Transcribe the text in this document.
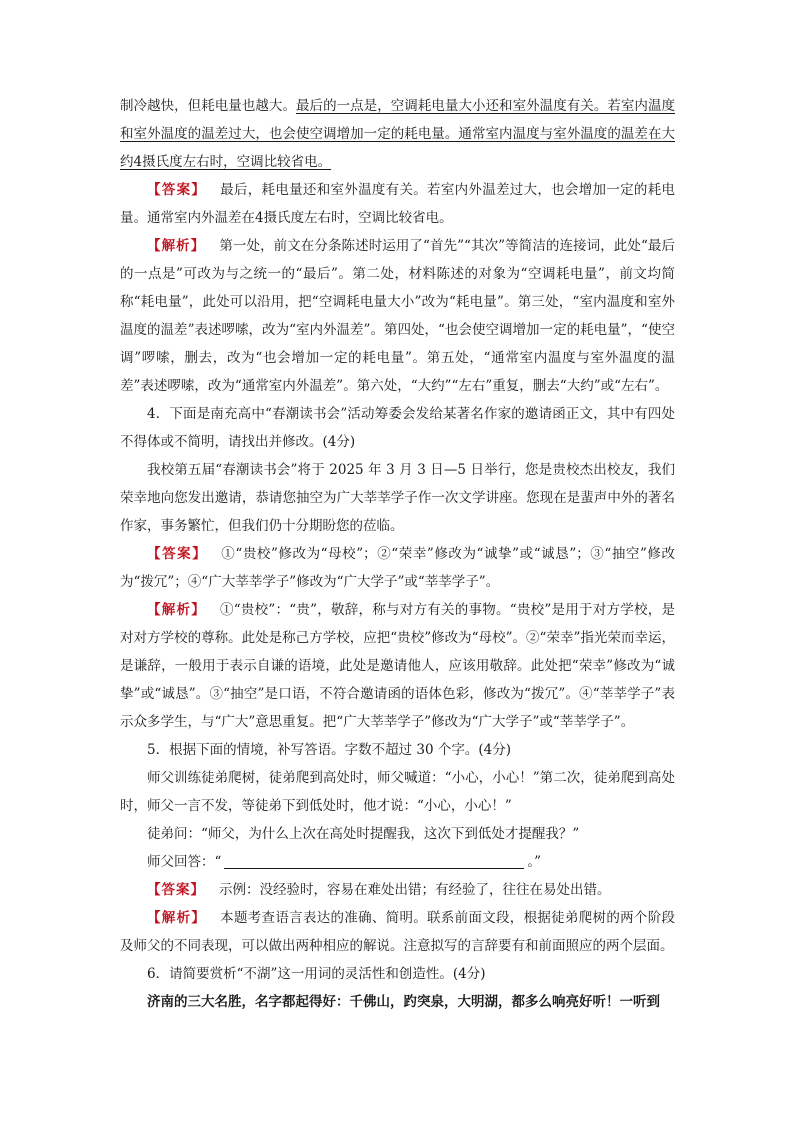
制冷越快，但耗电量也越大。最后的一点是，空调耗电量大小还和室外温度有关。若室内温度和室外温度的温差过大，也会使空调增加一定的耗电量。通常室内温度与室外温度的温差在大约4摄氏度左右时，空调比较省电。

【答案】 最后，耗电量还和室外温度有关。若室内外温差过大，也会增加一定的耗电量。通常室内外温差在4摄氏度左右时，空调比较省电。

【解析】 第一处，前文在分条陈述时运用了“首先”“其次”等简洁的连接词，此处“最后的一点是”可改为与之统一的“最后”。第二处，材料陈述的对象为“空调耗电量”，前文均简称“耗电量”，此处可以沿用，把“空调耗电量大小”改为“耗电量”。第三处，“室内温度和室外温度的温差”表述啰嗦，改为“室内外温差”。第四处，“也会使空调增加一定的耗电量”，“使空调”啰嗦，删去，改为“也会增加一定的耗电量”。第五处，“通常室内温度与室外温度的温差”表述啰嗦，改为“通常室内外温差”。第六处，“大约”“左右”重复，删去“大约”或“左右”。

4．下面是南充高中“春潮读书会”活动筹委会发给某著名作家的邀请函正文，其中有四处不得体或不简明，请找出并修改。(4分)

我校第五届“春潮读书会”将于 2025 年 3 月 3 日—5 日举行，您是贵校杰出校友，我们荣幸地向您发出邀请，恭请您抽空为广大莘莘学子作一次文学讲座。您现在是蜚声中外的著名作家，事务繁忙，但我们仍十分期盼您的莅临。

【答案】 ①“贵校”修改为“母校”；②“荣幸”修改为“诚挚”或“诚恳”；③“抽空”修改为“拨冗”；④“广大莘莘学子”修改为“广大学子”或“莘莘学子”。

【解析】 ①“贵校”：“贵”，敬辞，称与对方有关的事物。“贵校”是用于对方学校，是对对方学校的尊称。此处是称己方学校，应把“贵校”修改为“母校”。②“荣幸”指光荣而幸运，是谦辞，一般用于表示自谦的语境，此处是邀请他人，应该用敬辞。此处把“荣幸”修改为“诚挚”或“诚恳”。③“抽空”是口语，不符合邀请函的语体色彩，修改为“拨冗”。④“莘莘学子”表示众多学生，与“广大”意思重复。把“广大莘莘学子”修改为“广大学子”或“莘莘学子”。

5．根据下面的情境，补写答语。字数不超过 30 个字。(4分)

师父训练徒弟爬树，徒弟爬到高处时，师父喊道：“小心，小心！”第二次，徒弟爬到高处时，师父一言不发，等徒弟下到低处时，他才说：“小心，小心！”

徒弟问：“师父，为什么上次在高处时提醒我，这次下到低处才提醒我？”

师父回答：“	。”

【答案】 示例：没经验时，容易在难处出错；有经验了，往往在易处出错。

【解析】 本题考查语言表达的准确、简明。联系前面文段，根据徒弟爬树的两个阶段及师父的不同表现，可以做出两种相应的解说。注意拟写的言辞要有和前面照应的两个层面。

6．请简要赏析“不湖”这一用词的灵活性和创造性。(4分)

济南的三大名胜，名字都起得好：千佛山，趵突泉，大明湖，都多么响亮好听！一听到
